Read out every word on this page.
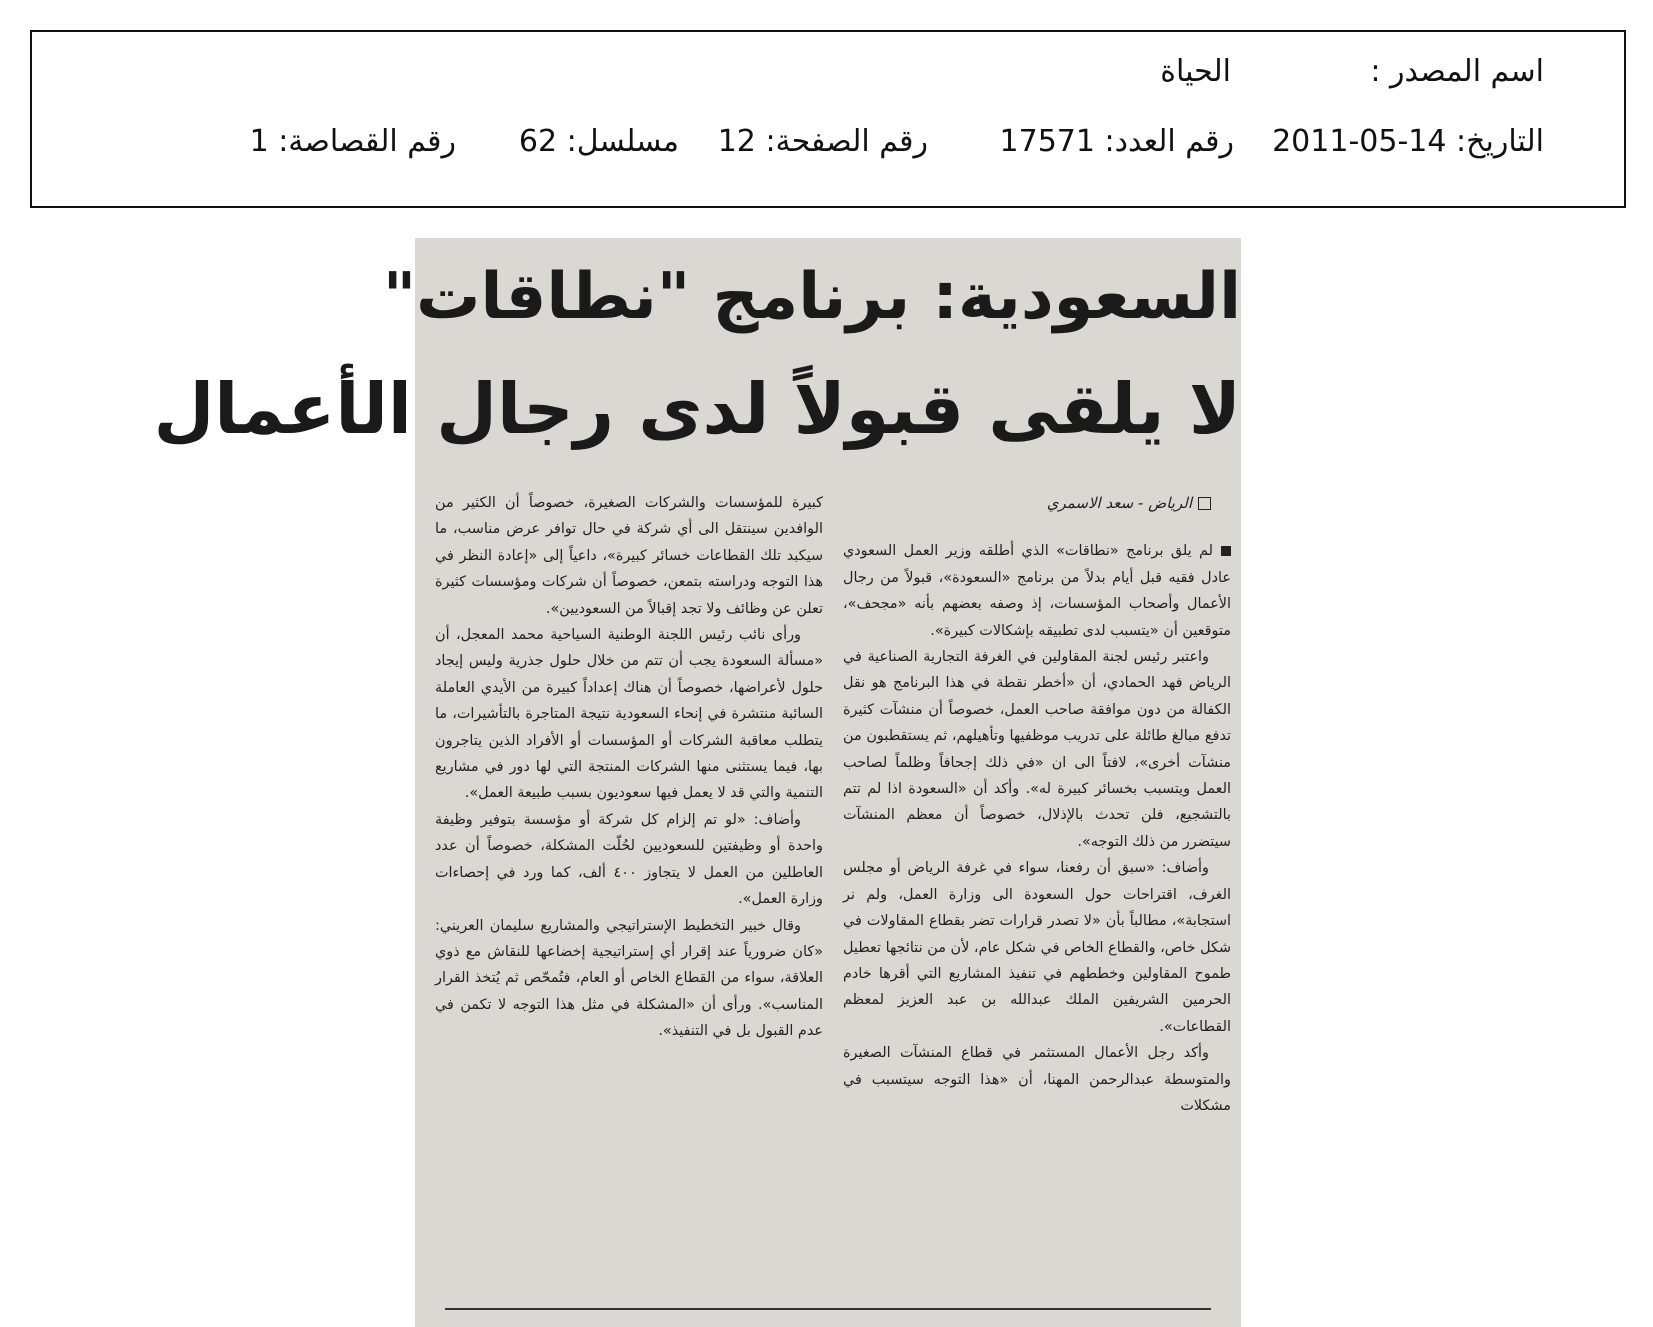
اسم المصدر :
الحياة
التاريخ: 14-05-2011
رقم العدد: 17571
رقم الصفحة: 12
مسلسل: 62
رقم القصاصة: 1
السعودية: برنامج "نطاقات"
لا يلقى قبولاً لدى رجال الأعمال

الرياض - سعد الاسمري

لم يلق برنامج «نطاقات» الذي أطلقه وزير العمل السعودي عادل فقيه قبل أيام بدلاً من برنامج «السعودة»، قبولاً من رجال الأعمال وأصحاب المؤسسات، إذ وصفه بعضهم بأنه «مجحف»، متوقعين أن «يتسبب لدى تطبيقه بإشكالات كبيرة».

واعتبر رئيس لجنة المقاولين في الغرفة التجارية الصناعية في الرياض فهد الحمادي، أن «أخطر نقطة في هذا البرنامج هو نقل الكفالة من دون موافقة صاحب العمل، خصوصاً أن منشآت كثيرة تدفع مبالغ طائلة على تدريب موظفيها وتأهيلهم، ثم يستقطبون من منشآت أخرى»، لافتاً الى ان «في ذلك إجحافاً وظلماً لصاحب العمل ويتسبب بخسائر كبيرة له». وأكد أن «السعودة اذا لم تتم بالتشجيع، فلن تحدث بالإذلال، خصوصاً أن معظم المنشآت سيتضرر من ذلك التوجه».

وأضاف: «سبق أن رفعنا، سواء في غرفة الرياض أو مجلس الغرف، اقتراحات حول السعودة الى وزارة العمل، ولم نر استجابة»، مطالباً بأن «لا تصدر قرارات تضر بقطاع المقاولات في شكل خاص، والقطاع الخاص في شكل عام، لأن من نتائجها تعطيل طموح المقاولين وخططهم في تنفيذ المشاريع التي أقرها خادم الحرمين الشريفين الملك عبدالله بن عبد العزيز لمعظم القطاعات».

وأكد رجل الأعمال المستثمر في قطاع المنشآت الصغيرة والمتوسطة عبدالرحمن المهنا، أن «هذا التوجه سيتسبب في مشكلات

كبيرة للمؤسسات والشركات الصغيرة، خصوصاً أن الكثير من الوافدين سينتقل الى أي شركة في حال توافر عرض مناسب، ما سيكبد تلك القطاعات خسائر كبيرة»، داعياً إلى «إعادة النظر في هذا التوجه ودراسته بتمعن، خصوصاً أن شركات ومؤسسات كثيرة تعلن عن وظائف ولا تجد إقبالاً من السعوديين».

ورأى نائب رئيس اللجنة الوطنية السياحية محمد المعجل، أن «مسألة السعودة يجب أن تتم من خلال حلول جذرية وليس إيجاد حلول لأعراضها، خصوصاً أن هناك إعداداً كبيرة من الأيدي العاملة السائبة منتشرة في إنحاء السعودية نتيجة المتاجرة بالتأشيرات، ما يتطلب معاقبة الشركات أو المؤسسات أو الأفراد الذين يتاجرون بها، فيما يستثنى منها الشركات المنتجة التي لها دور في مشاريع التنمية والتي قد لا يعمل فيها سعوديون بسبب طبيعة العمل».

وأضاف: «لو تم إلزام كل شركة أو مؤسسة بتوفير وظيفة واحدة أو وظيفتين للسعوديين لحُلّت المشكلة، خصوصاً أن عدد العاطلين من العمل لا يتجاوز ٤٠٠ ألف، كما ورد في إحصاءات وزارة العمل».

وقال خبير التخطيط الإستراتيجي والمشاريع سليمان العريني: «كان ضرورياً عند إقرار أي إستراتيجية إخضاعها للنقاش مع ذوي العلاقة، سواء من القطاع الخاص أو العام، فتُمحّص ثم يُتخذ القرار المناسب». ورأى أن «المشكلة في مثل هذا التوجه لا تكمن في عدم القبول بل في التنفيذ».
